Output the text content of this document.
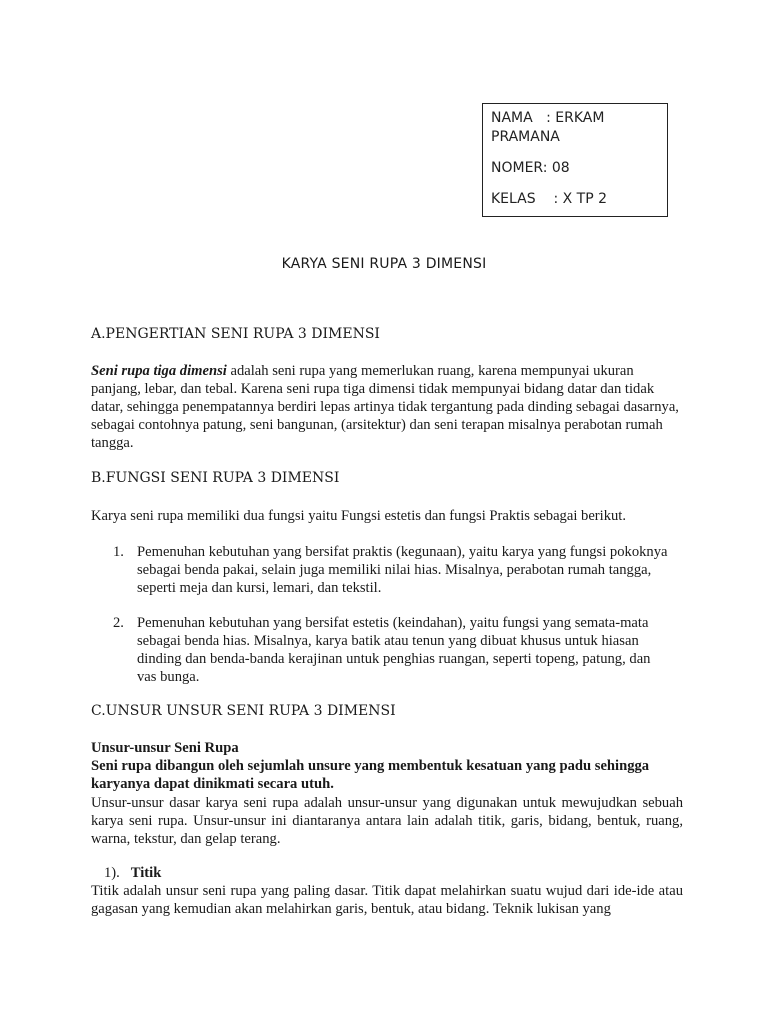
NAMA : ERKAM
PRAMANA
NOMER: 08
KELAS : X TP 2
KARYA SENI RUPA 3 DIMENSI
A.PENGERTIAN SENI RUPA 3 DIMENSI
Seni rupa tiga dimensi adalah seni rupa yang memerlukan ruang, karena mempunyai ukuran panjang, lebar, dan tebal. Karena seni rupa tiga dimensi tidak mempunyai bidang datar dan tidak datar, sehingga penempatannya berdiri lepas artinya tidak tergantung pada dinding sebagai dasarnya, sebagai contohnya patung, seni bangunan, (arsitektur) dan seni terapan misalnya perabotan rumah tangga.
B.FUNGSI SENI RUPA 3 DIMENSI
Karya seni rupa memiliki dua fungsi yaitu Fungsi estetis dan fungsi Praktis sebagai berikut.
1. Pemenuhan kebutuhan yang bersifat praktis (kegunaan), yaitu karya yang fungsi pokoknya sebagai benda pakai, selain juga memiliki nilai hias. Misalnya, perabotan rumah tangga, seperti meja dan kursi, lemari, dan tekstil.
2. Pemenuhan kebutuhan yang bersifat estetis (keindahan), yaitu fungsi yang semata-mata sebagai benda hias. Misalnya, karya batik atau tenun yang dibuat khusus untuk hiasan dinding dan benda-banda kerajinan untuk penghias ruangan, seperti topeng, patung, dan vas bunga.
C.UNSUR UNSUR SENI RUPA 3 DIMENSI
Unsur-unsur Seni Rupa
Seni rupa dibangun oleh sejumlah unsure yang membentuk kesatuan yang padu sehingga karyanya dapat dinikmati secara utuh.
Unsur-unsur dasar karya seni rupa adalah unsur-unsur yang digunakan untuk mewujudkan sebuah karya seni rupa. Unsur-unsur ini diantaranya antara lain adalah titik, garis, bidang, bentuk, ruang, warna, tekstur, dan gelap terang.
1). Titik
Titik adalah unsur seni rupa yang paling dasar. Titik dapat melahirkan suatu wujud dari ide-ide atau gagasan yang kemudian akan melahirkan garis, bentuk, atau bidang. Teknik lukisan yang
